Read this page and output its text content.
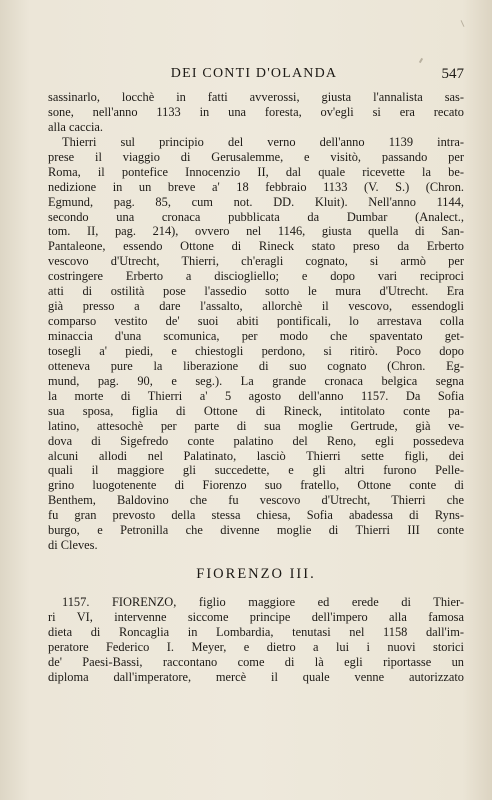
DEI CONTI D'OLANDA	547
sassinarlo, locchè in fatti avverossi, giusta l'annalista sas-
sone, nell'anno 1133 in una foresta, ov'egli si era recato
alla caccia.
Thierri sul principio del verno dell'anno 1139 intra-
prese il viaggio di Gerusalemme, e visitò, passando per
Roma, il pontefice Innocenzio II, dal quale ricevette la be-
nedizione in un breve a' 18 febbraio 1133 (V. S.) (Chron.
Egmund, pag. 85, cum not. DD. Kluit). Nell'anno 1144,
secondo una cronaca pubblicata da Dumbar (Analect.,
tom. II, pag. 214), ovvero nel 1146, giusta quella di San-
Pantaleone, essendo Ottone di Rineck stato preso da Erberto
vescovo d'Utrecht, Thierri, ch'eragli cognato, si armò per
costringere Erberto a disciogliello; e dopo vari reciproci
atti di ostilità pose l'assedio sotto le mura d'Utrecht. Era
già presso a dare l'assalto, allorchè il vescovo, essendogli
comparso vestito de' suoi abiti pontificali, lo arrestava colla
minaccia d'una scomunica, per modo che spaventato get-
tosegli a' piedi, e chiestogli perdono, si ritirò. Poco dopo
otteneva pure la liberazione di suo cognato (Chron. Eg-
mund, pag. 90, e seg.). La grande cronaca belgica segna
la morte di Thierri a' 5 agosto dell'anno 1157. Da Sofia
sua sposa, figlia di Ottone di Rineck, intitolato conte pa-
latino, attesochè per parte di sua moglie Gertrude, già ve-
dova di Sigefredo conte palatino del Reno, egli possedeva
alcuni allodi nel Palatinato, lasciò Thierri sette figli, dei
quali il maggiore gli succedette, e gli altri furono Pelle-
grino luogotenente di Fiorenzo suo fratello, Ottone conte di
Benthem, Baldovino che fu vescovo d'Utrecht, Thierri che
fu gran prevosto della stessa chiesa, Sofia abadessa di Ryns-
burgo, e Petronilla che divenne moglie di Thierri III conte
di Cleves.
FIORENZO III.
1157. FIORENZO, figlio maggiore ed erede di Thier-
ri VI, intervenne siccome principe dell'impero alla famosa
dieta di Roncaglia in Lombardia, tenutasi nel 1158 dall'im-
peratore Federico I. Meyer, e dietro a lui i nuovi storici
de' Paesi-Bassi, raccontano come di là egli riportasse un
diploma dall'imperatore, mercè il quale venne autorizzato
